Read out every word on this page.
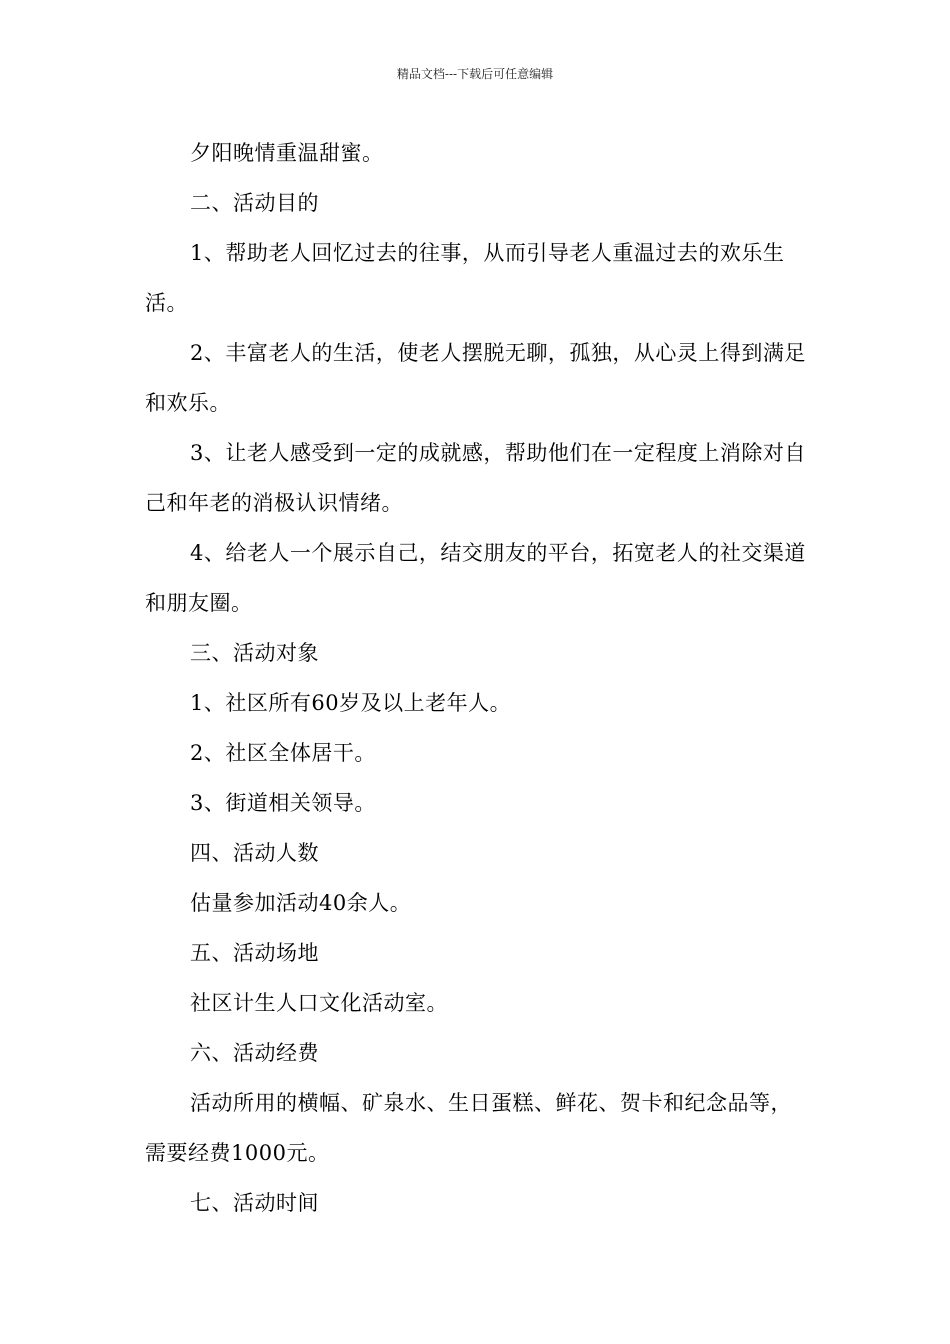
精品文档---下载后可任意编辑

夕阳晚情重温甜蜜。

二、活动目的

1、帮助老人回忆过去的往事，从而引导老人重温过去的欢乐生活。

2、丰富老人的生活，使老人摆脱无聊，孤独，从心灵上得到满足和欢乐。

3、让老人感受到一定的成就感，帮助他们在一定程度上消除对自己和年老的消极认识情绪。

4、给老人一个展示自己，结交朋友的平台，拓宽老人的社交渠道和朋友圈。

三、活动对象

1、社区所有60岁及以上老年人。

2、社区全体居干。

3、街道相关领导。

四、活动人数

估量参加活动40余人。

五、活动场地

社区计生人口文化活动室。

六、活动经费

活动所用的横幅、矿泉水、生日蛋糕、鲜花、贺卡和纪念品等，需要经费1000元。

七、活动时间
